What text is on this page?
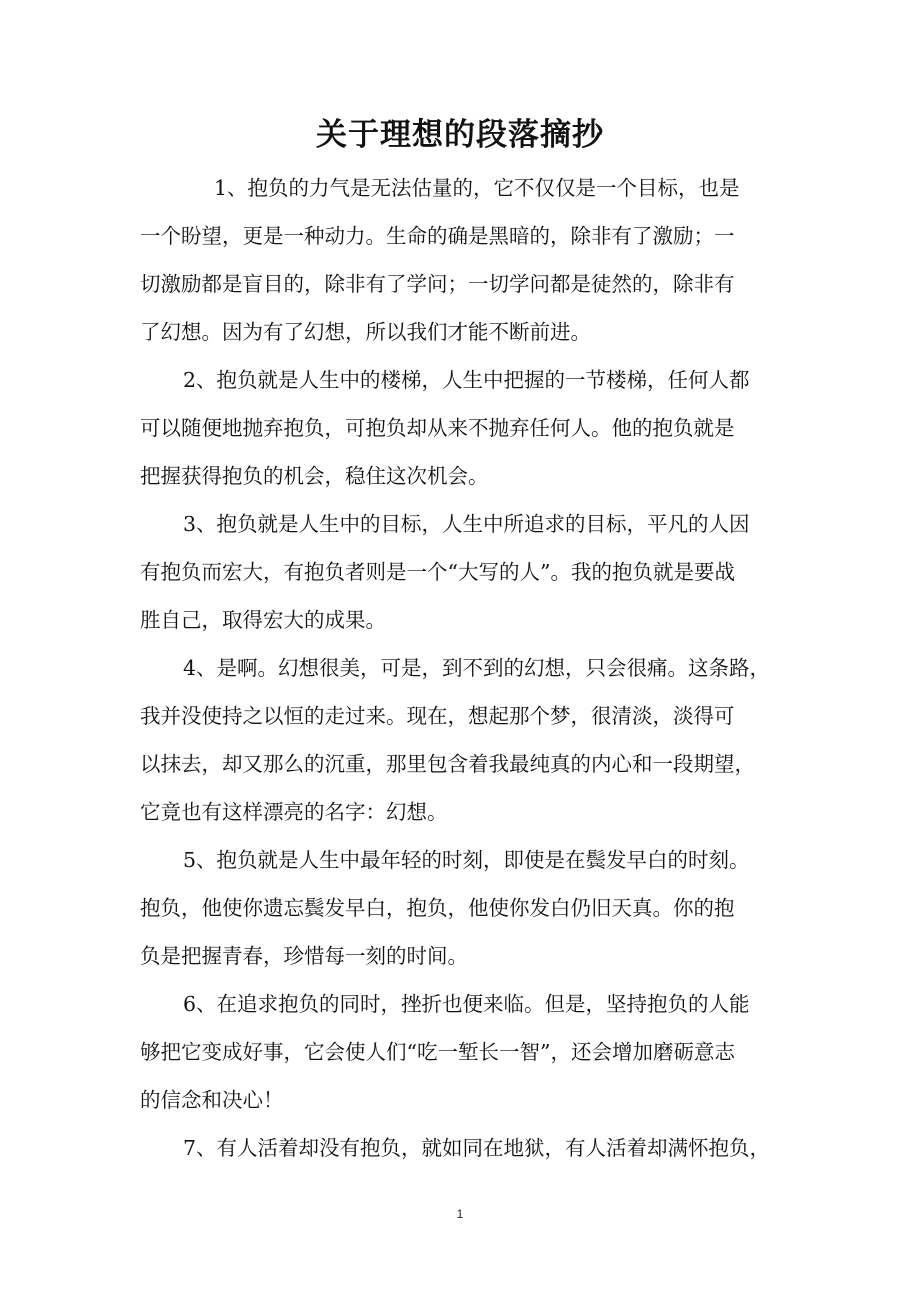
关于理想的段落摘抄
1、抱负的力气是无法估量的，它不仅仅是一个目标，也是
一个盼望，更是一种动力。生命的确是黑暗的，除非有了激励；一
切激励都是盲目的，除非有了学问；一切学问都是徒然的，除非有
了幻想。因为有了幻想，所以我们才能不断前进。
2、抱负就是人生中的楼梯，人生中把握的一节楼梯，任何人都
可以随便地抛弃抱负，可抱负却从来不抛弃任何人。他的抱负就是
把握获得抱负的机会，稳住这次机会。
3、抱负就是人生中的目标，人生中所追求的目标，平凡的人因
有抱负而宏大，有抱负者则是一个“大写的人”。我的抱负就是要战
胜自己，取得宏大的成果。
4、是啊。幻想很美，可是，到不到的幻想，只会很痛。这条路，
我并没使持之以恒的走过来。现在，想起那个梦，很清淡，淡得可
以抹去，却又那么的沉重，那里包含着我最纯真的内心和一段期望，
它竟也有这样漂亮的名字：幻想。
5、抱负就是人生中最年轻的时刻，即使是在鬓发早白的时刻。
抱负，他使你遗忘鬓发早白，抱负，他使你发白仍旧天真。你的抱
负是把握青春，珍惜每一刻的时间。
6、在追求抱负的同时，挫折也便来临。但是，坚持抱负的人能
够把它变成好事，它会使人们“吃一堑长一智”，还会增加磨砺意志
的信念和决心！
7、有人活着却没有抱负，就如同在地狱，有人活着却满怀抱负，
1
